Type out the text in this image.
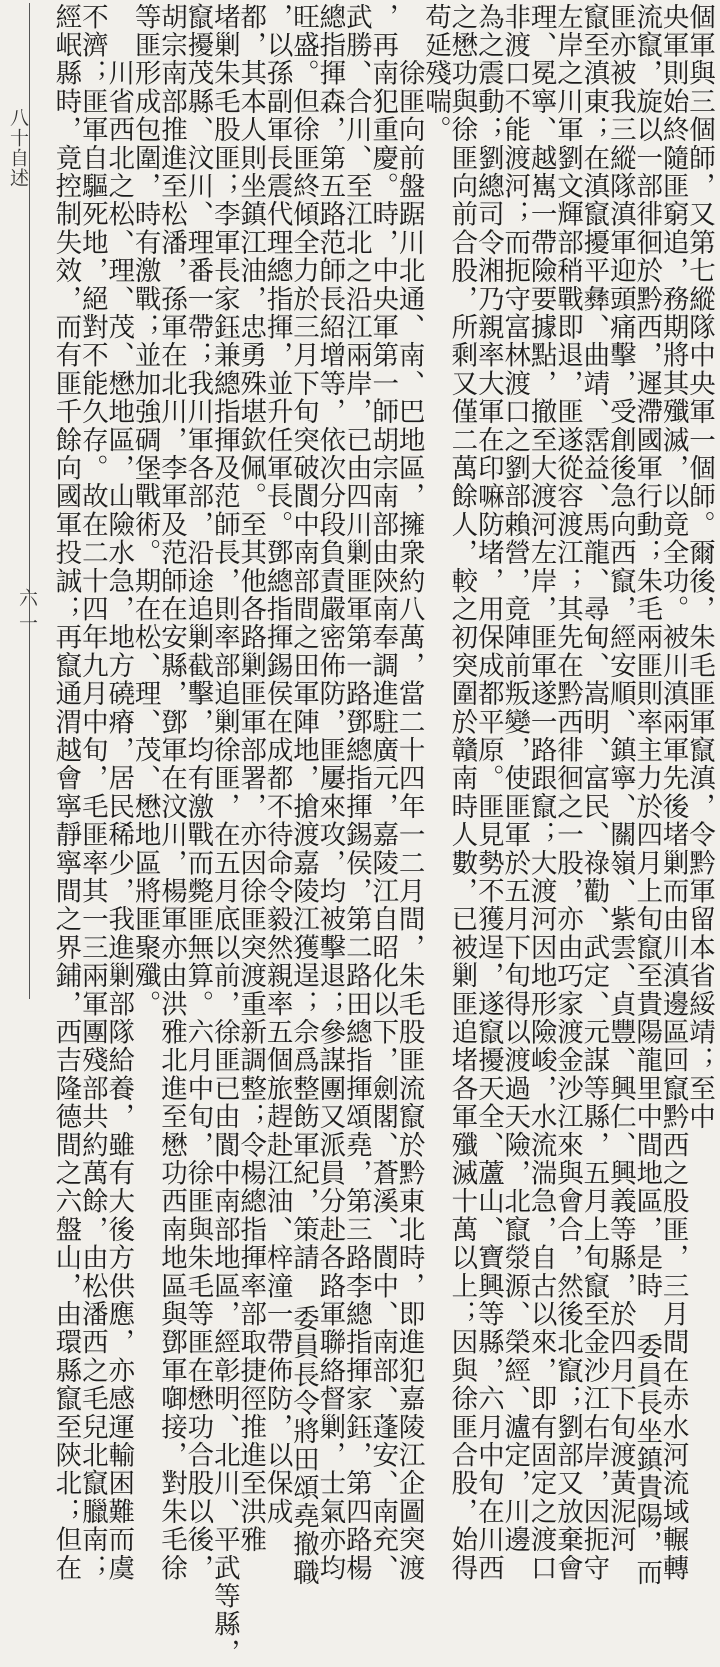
個軍與三個師，又第七縱隊中央軍一個師。爾後，朱毛匪軍竄滇，令黔軍留本省綏靖；至中
央軍則始終隨匪窮追，務期將其殲滅，以竟全功。被川滇兩軍先後堵剿而由川滇邊區回竄黔西之股匪，三月間在赤水河流域輾轉
流竄，旋以一部徘徊於黔西，遲滯國軍行動；朱毛兩匪則率主力於四月上旬竄至貴陽龍里中間地區，是時 委員長坐鎮貴陽，而
匪亦被我三縱隊滇軍迎頭痛擊，受創後急向西竄，經安順、鎮寧、關嶺、紫雲、貞豐、興仁、興義等縣，於四月下旬渡黃泥河
竄至滇東；在滇竄擾平彝、曲靖、霑益、馬龍、尋甸、嵩明、富民、祿勸、武定、元謀等縣，五月上旬竄至金沙江右岸，因扼守
左岸之川軍劉文輝部稍戰即退，匪遂從容渡江；其先在黔西徘徊之一股，亦由巧家渡金沙江來與會合，然後北竄；劉部又放棄會
理、冕寧、越嶲一帶險要據點，撤至大渡河左岸，匪軍遂一路跟竄；大渡河因地形險峻，水流湍急，自古以來，即有固定之渡口
非渡口不能渡河；而扼守富林渡口之劉部賴營，竟陣前叛變，使匪軍於五月下旬得以渡過天險，北竄滎源、榮經、瀘定，川邊
為之震動；劉總司令湘乃親率大軍在印嘛防堵，用保成都平原。匪見勢不獲逞，遂竄擾天全、蘆山、寶興等縣，六月中旬在川西
之懋功與徐匪向前合股，所剩又僅二萬餘人，較之初突圍於贛南時人數，已被剿匪追堵各軍殲滅十萬以上；因與徐匪合股，始得
苟延殘喘。
　　徐匪向前盤踞川北通、南、巴地區，擁衆約八萬，當二十四年一二月間，朱毛股匪流竄於黔東北時，即進犯嘉陵江企圖突渡
，再南犯重慶。時，中央軍第一師胡宗南部由陝南奉調進駐廣元，嘉陵江自昭化以下，劍閣、蒼溪、閬中、南部、蓬安、南充、
武勝、合川、至江北之沿江兩岸，已由四川剿匪軍第一路鄧總指揮錫侯，第二路田總指揮頌堯，第三路李總指揮家鈺，第四路楊
總指揮森，第五路范師長紹增等，依次分段負責嚴密佈防，匪屢來攻，均被擊退；參謀團又派員分赴各路軍聯絡督剿，士氣亦均
旺盛。但徐匪終傾全力於三月下旬突破閬中南部間之田軍陣地，搶渡嘉陵江獲逞；佘爲整飭軍紀，策請 委員長令將田頌堯撤職
，以孫副軍長震代理總指揮，並升任軍長。鄧總指揮錫侯在成都不待命令毅然親率五個旅趕赴江油、梓潼一帶佈防，以保成
都，其本人則坐鎮江油，忠勇殊堪欽佩。至其他各路剿匪軍部署，亦因徐匪突渡重新調整；令楊總指揮率部取捷徑推進至洪雅
堵剿朱毛股匪；李軍長家鈺兼總指揮及范師長，則率部追剿徐匪，在五月底以前，徐匪已由閬中南部地區，經彰明、北川、平武等縣，
竄擾茂縣、汶川、理番一帶；我川軍各部，沿途追剿截擊，均有激戰而斃匪無算。六月中旬，徐匪與朱毛等匪在懋功合股以後，
胡宗南部推進至松潘，孫軍在北川，李軍及范師在安縣，鄧軍在汶川，楊軍亦由洪雅北進至懋功西南地區與鄧軍啣接，對朱毛徐
等匪形成包圍，時有激戰；並加強碉堡戰術。期在松、理、茂、懋地區將匪聚殲。
　　川省西北之松、理、茂、懋地區，山險水急，地方磽瘠，居民稀少，我進剿部隊給養，雖有大後方供應，亦感運輸困難而虞
不濟；匪軍自驅死地，絕對不能久存。故在二十四年九月中旬，毛匪率其一三兩軍團殘部共約萬餘，由松潘西之毛兒北竄臘南；
經岷縣時，竟控制失效，而有匪千餘向國軍投誠；再竄通渭越會寧靜寧間之界鋪，西吉隆德間之六盤山，由環縣竄至陝北；但在
八十自述
六一
